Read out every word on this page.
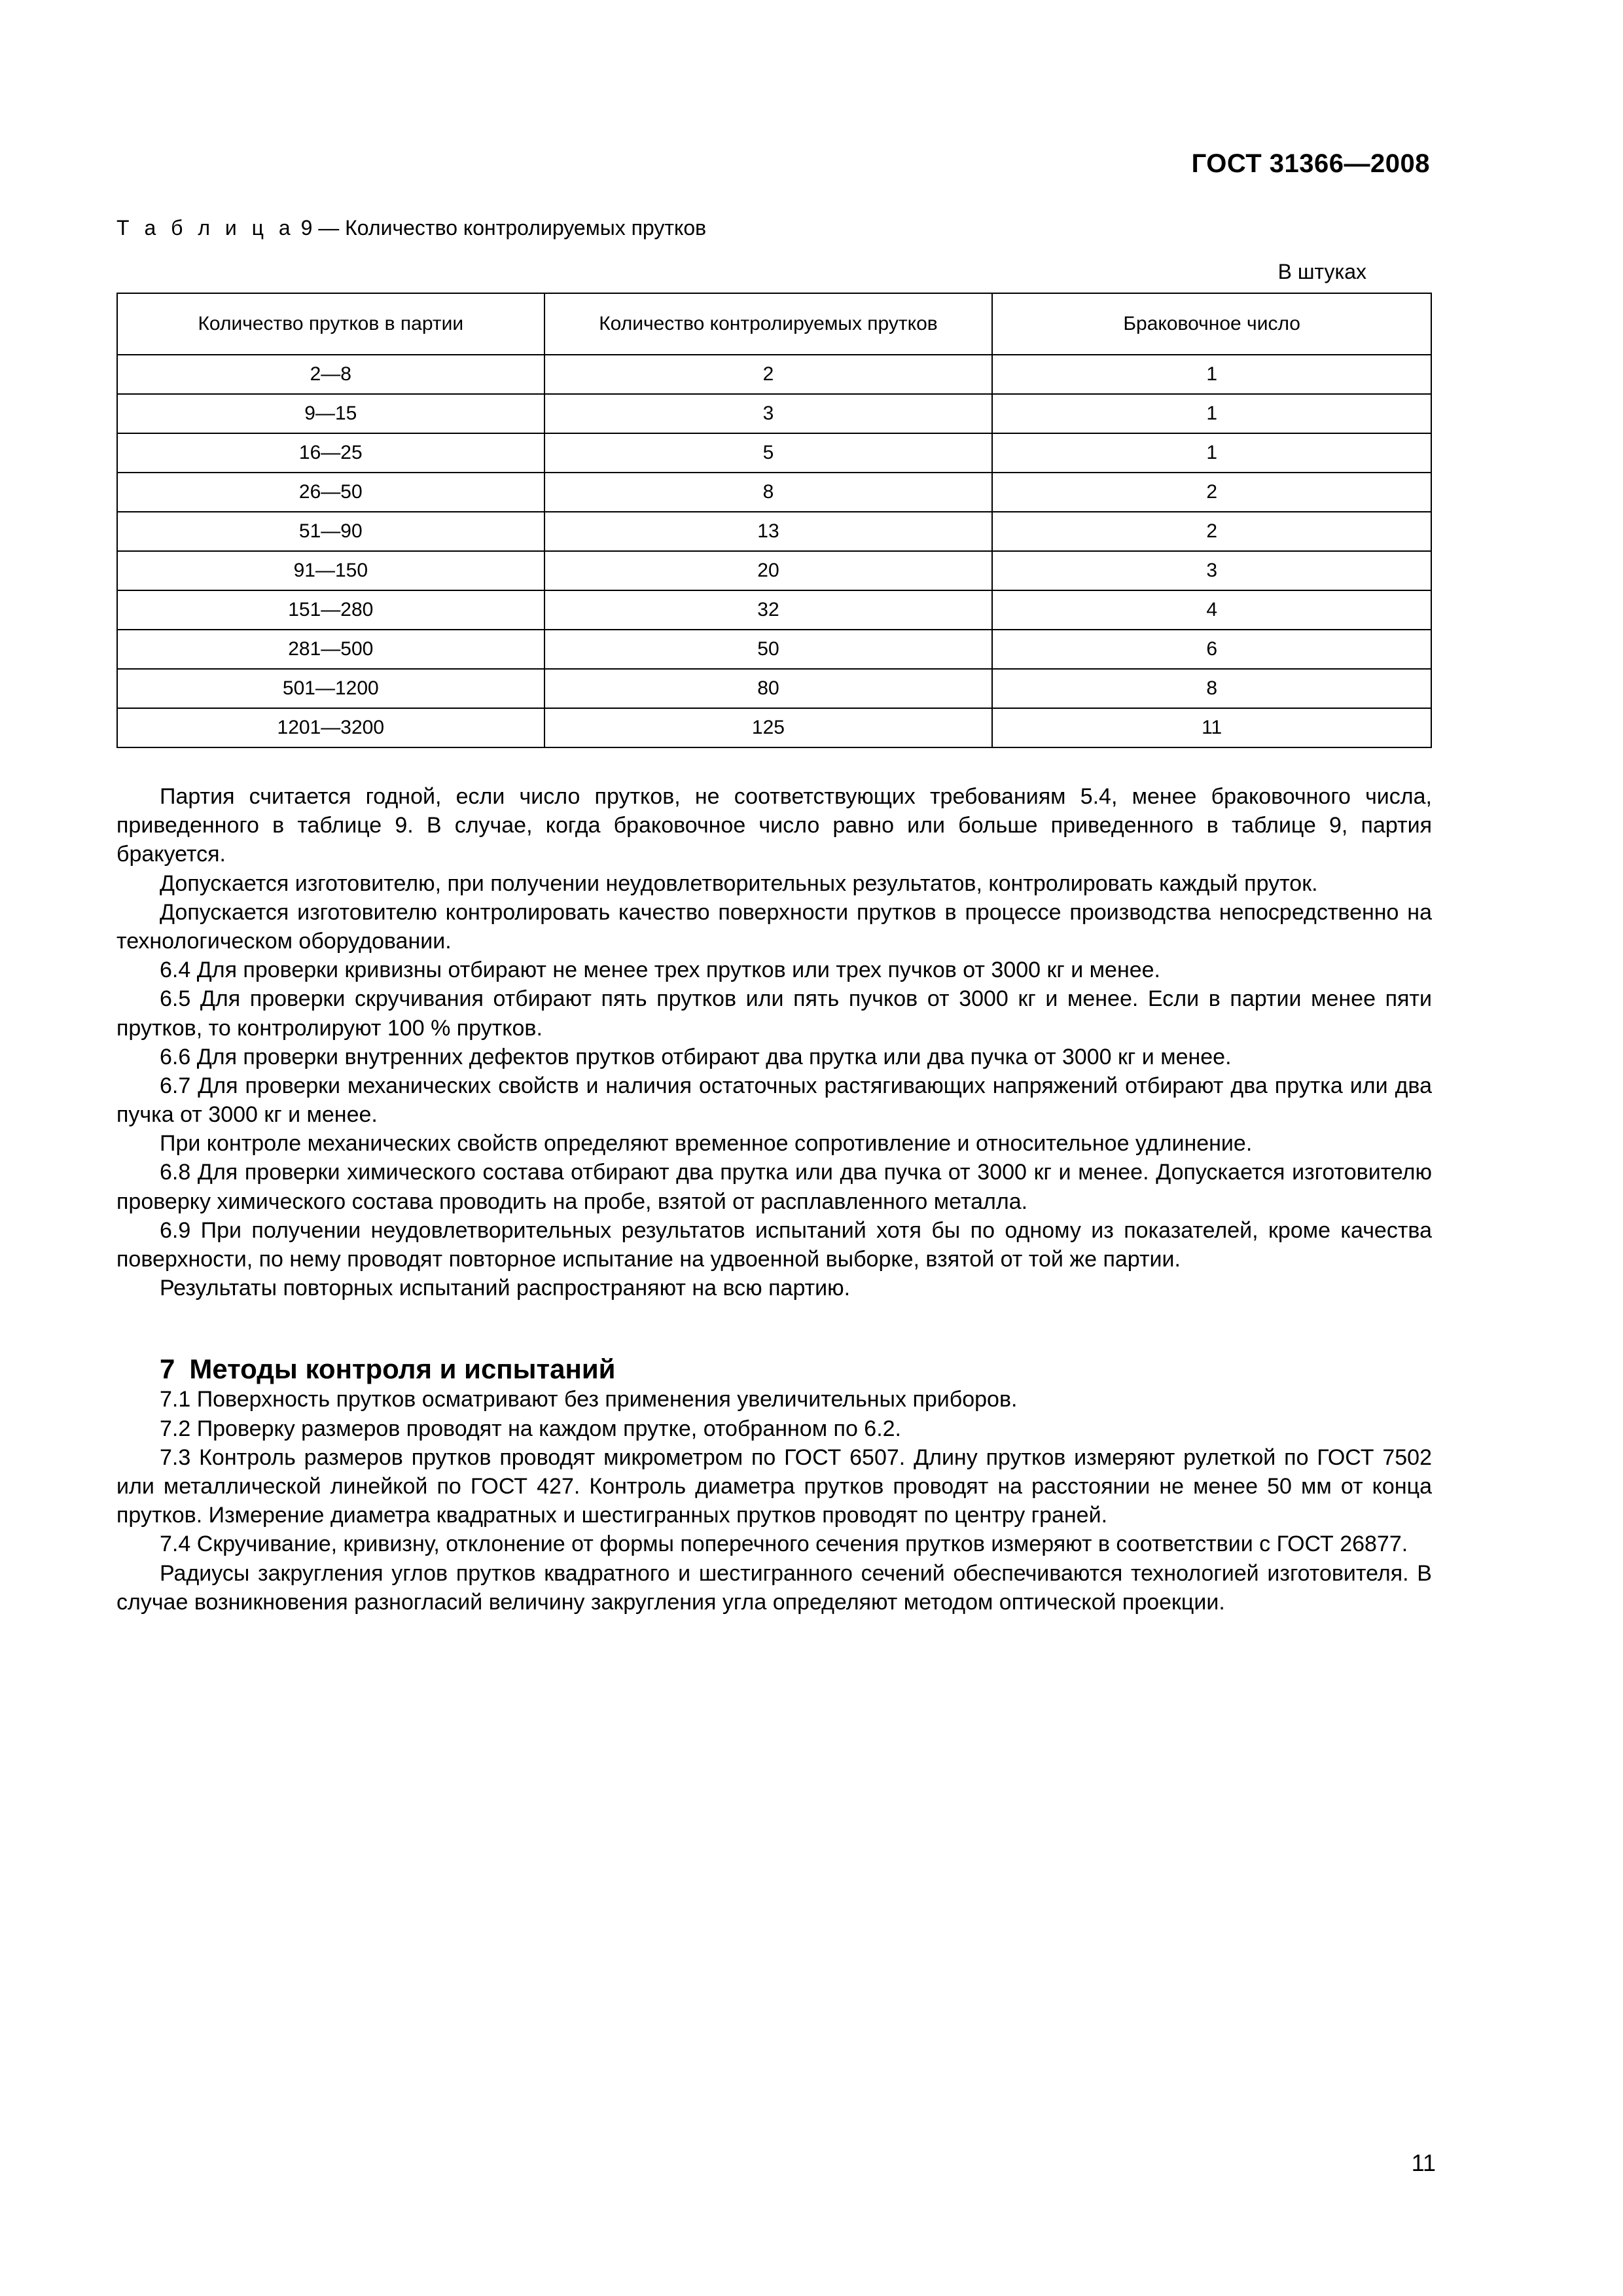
ГОСТ 31366—2008
Т а б л и ц а 9 — Количество контролируемых прутков
В штуках
Количество прутков в партии	Количество контролируемых прутков	Браковочное число
2—8	2	1
9—15	3	1
16—25	5	1
26—50	8	2
51—90	13	2
91—150	20	3
151—280	32	4
281—500	50	6
501—1200	80	8
1201—3200	125	11

Партия считается годной, если число прутков, не соответствующих требованиям 5.4, менее браковочного числа, приведенного в таблице 9. В случае, когда браковочное число равно или больше приведенного в таблице 9, партия бракуется.

Допускается изготовителю, при получении неудовлетворительных результатов, контролировать каждый пруток.

Допускается изготовителю контролировать качество поверхности прутков в процессе производства непосредственно на технологическом оборудовании.

6.4 Для проверки кривизны отбирают не менее трех прутков или трех пучков от 3000 кг и менее.

6.5 Для проверки скручивания отбирают пять прутков или пять пучков от 3000 кг и менее. Если в партии менее пяти прутков, то контролируют 100 % прутков.

6.6 Для проверки внутренних дефектов прутков отбирают два прутка или два пучка от 3000 кг и менее.

6.7 Для проверки механических свойств и наличия остаточных растягивающих напряжений отбирают два прутка или два пучка от 3000 кг и менее.

При контроле механических свойств определяют временное сопротивление и относительное удлинение.

6.8 Для проверки химического состава отбирают два прутка или два пучка от 3000 кг и менее. Допускается изготовителю проверку химического состава проводить на пробе, взятой от расплавленного металла.

6.9 При получении неудовлетворительных результатов испытаний хотя бы по одному из показателей, кроме качества поверхности, по нему проводят повторное испытание на удвоенной выборке, взятой от той же партии.

Результаты повторных испытаний распространяют на всю партию.

7 Методы контроля и испытаний

7.1 Поверхность прутков осматривают без применения увеличительных приборов.

7.2 Проверку размеров проводят на каждом прутке, отобранном по 6.2.

7.3 Контроль размеров прутков проводят микрометром по ГОСТ 6507. Длину прутков измеряют рулеткой по ГОСТ 7502 или металлической линейкой по ГОСТ 427. Контроль диаметра прутков проводят на расстоянии не менее 50 мм от конца прутков. Измерение диаметра квадратных и шестигранных прутков проводят по центру граней.

7.4 Скручивание, кривизну, отклонение от формы поперечного сечения прутков измеряют в соответствии с ГОСТ 26877.

Радиусы закругления углов прутков квадратного и шестигранного сечений обеспечиваются технологией изготовителя. В случае возникновения разногласий величину закругления угла определяют методом оптической проекции.

11
